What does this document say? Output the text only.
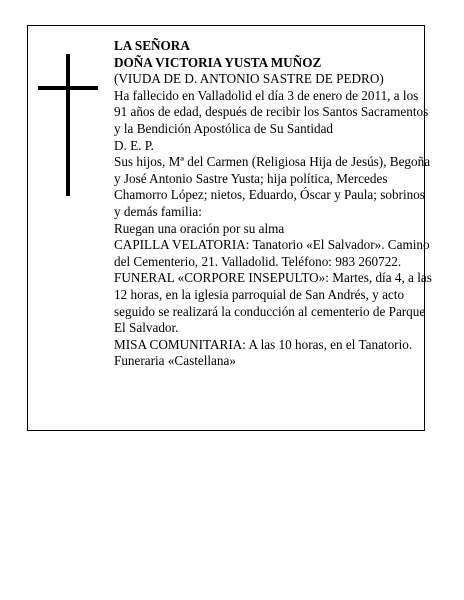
LA SEÑORA
DOÑA VICTORIA YUSTA MUÑOZ
(VIUDA DE D. ANTONIO SASTRE DE PEDRO)
Ha fallecido en Valladolid el día 3 de enero de 2011, a los 91 años de edad, después de recibir los Santos Sacramentos y la Bendición Apostólica de Su Santidad
D. E. P.
Sus hijos, Mª del Carmen (Religiosa Hija de Jesús), Begoña y José Antonio Sastre Yusta; hija política, Mercedes Chamorro López; nietos, Eduardo, Óscar y Paula; sobrinos y demás familia:
Ruegan una oración por su alma
CAPILLA VELATORIA: Tanatorio «El Salvador». Camino del Cementerio, 21. Valladolid. Teléfono: 983 260722.
FUNERAL «CORPORE INSEPULTO»: Martes, día 4, a las 12 horas, en la iglesia parroquial de San Andrés, y acto seguido se realizará la conducción al cementerio de Parque El Salvador.
MISA COMUNITARIA: A las 10 horas, en el Tanatorio.
Funeraria «Castellana»
